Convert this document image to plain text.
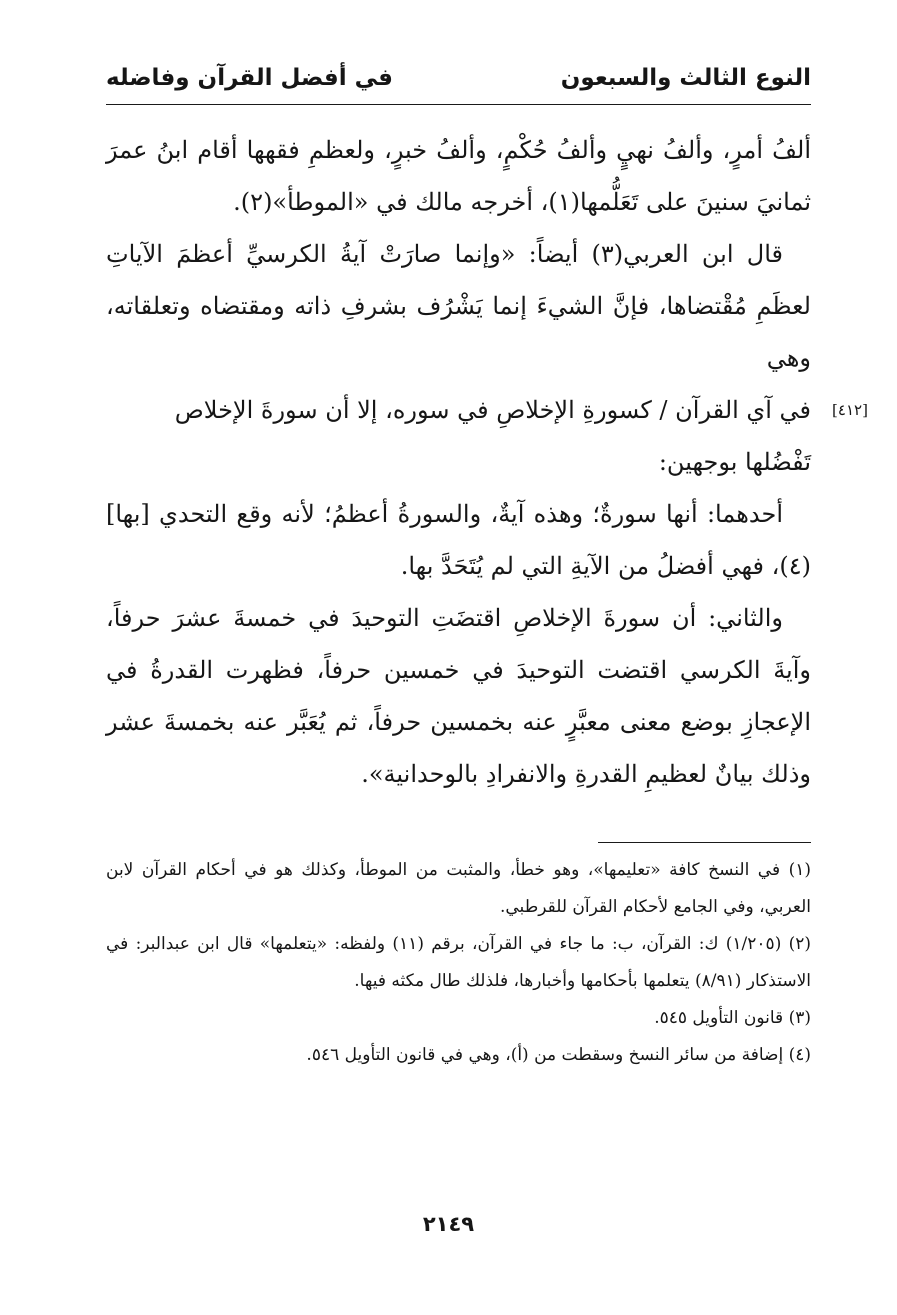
النوع الثالث والسبعون
في أفضل القرآن وفاضله

ألفُ أمرٍ، وألفُ نهيٍ وألفُ حُكْمٍ، وألفُ خبرٍ، ولعظمِ فقهها أقام ابنُ عمرَ ثمانيَ سنينَ على تَعَلُّمها(١)، أخرجه مالك في «الموطأ»(٢).

قال ابن العربي(٣) أيضاً: «وإنما صارَتْ آيةُ الكرسيِّ أعظمَ الآياتِ لعظَمِ مُقْتضاها، فإنَّ الشيءَ إنما يَشْرُف بشرفِ ذاته ومقتضاه وتعلقاته، وهي

[٤١٢]
في آي القرآن / كسورةِ الإخلاصِ في سوره، إلا أن سورةَ الإخلاص

تَفْضُلها بوجهين:

أحدهما: أنها سورةٌ؛ وهذه آيةٌ، والسورةُ أعظمُ؛ لأنه وقع التحدي [بها](٤)، فهي أفضلُ من الآيةِ التي لم يُتَحَدَّ بها.

والثاني: أن سورةَ الإخلاصِ اقتضَتِ التوحيدَ في خمسةَ عشرَ حرفاً، وآيةَ الكرسي اقتضت التوحيدَ في خمسين حرفاً، فظهرت القدرةُ في الإعجازِ بوضع معنى معبَّرٍ عنه بخمسين حرفاً، ثم يُعَبَّر عنه بخمسةَ عشر وذلك بيانٌ لعظيمِ القدرةِ والانفرادِ بالوحدانية».

(١) في النسخ كافة «تعليمها»، وهو خطأ، والمثبت من الموطأ، وكذلك هو في أحكام القرآن لابن العربي، وفي الجامع لأحكام القرآن للقرطبي.

(٢) (١/٢٠٥) ك: القرآن، ب: ما جاء في القرآن، برقم (١١) ولفظه: «يتعلمها» قال ابن عبدالبر: في الاستذكار (٨/٩١) يتعلمها بأحكامها وأخبارها، فلذلك طال مكثه فيها.

(٣) قانون التأويل ٥٤٥.

(٤) إضافة من سائر النسخ وسقطت من (أ)، وهي في قانون التأويل ٥٤٦.

٢١٤٩
